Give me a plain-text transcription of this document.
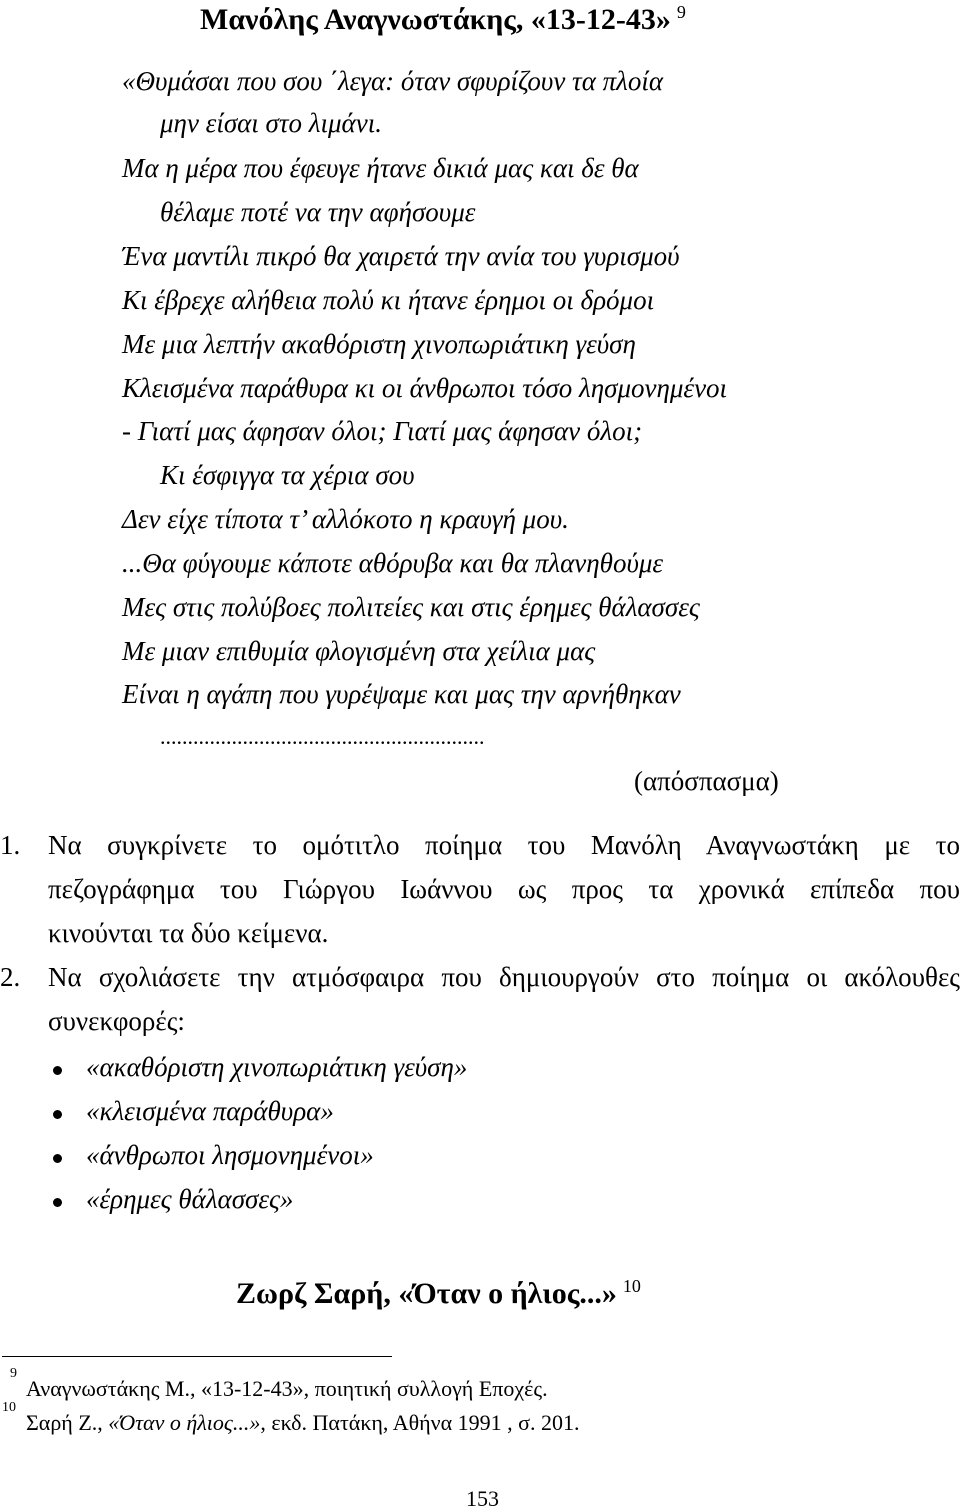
Μανόλης Αναγνωστάκης, «13-12-43» $^9$
«Θυμάσαι που σου ΄λεγα: όταν σφυρίζουν τα πλοία
μην είσαι στο λιμάνι.
Μα η μέρα που έφευγε ήτανε δικιά μας και δε θα
θέλαμε ποτέ να την αφήσουμε
Ένα μαντίλι πικρό θα χαιρετά την ανία του γυρισμού
Κι έβρεχε αλήθεια πολύ κι ήτανε έρημοι οι δρόμοι
Με μια λεπτήν ακαθόριστη χινοπωριάτικη γεύση
Κλεισμένα παράθυρα κι οι άνθρωποι τόσο λησμονημένοι
- Γιατί μας άφησαν όλοι; Γιατί μας άφησαν όλοι;
Κι έσφιγγα τα χέρια σου
Δεν είχε τίποτα τ’ αλλόκοτο η κραυγή μου.
...Θα φύγουμε κάποτε αθόρυβα και θα πλανηθούμε
Μες στις πολύβοες πολιτείες και στις έρημες θάλασσες
Με μιαν επιθυμία φλογισμένη στα χείλια μας
Είναι η αγάπη που γυρέψαμε και μας την αρνήθηκαν
...........................................................
(απόσπασμα)
1. Να συγκρίνετε το ομότιτλο ποίημα του Μανόλη Αναγνωστάκη με το
πεζογράφημα του Γιώργου Ιωάννου ως προς τα χρονικά επίπεδα που
κινούνται τα δύο κείμενα.
2. Να σχολιάσετε την ατμόσφαιρα που δημιουργούν στο ποίημα οι ακόλουθες
συνεκφορές:
«ακαθόριστη χινοπωριάτικη γεύση»
«κλεισμένα παράθυρα»
«άνθρωποι λησμονημένοι»
«έρημες θάλασσες»
Ζωρζ Σαρή, «Όταν ο ήλιος...» $^{10}$
9
Αναγνωστάκης Μ., «13-12-43», ποιητική συλλογή Εποχές.
10
Σαρή Ζ., «Όταν ο ήλιος...», εκδ. Πατάκη, Αθήνα 1991 , σ. 201.
153
